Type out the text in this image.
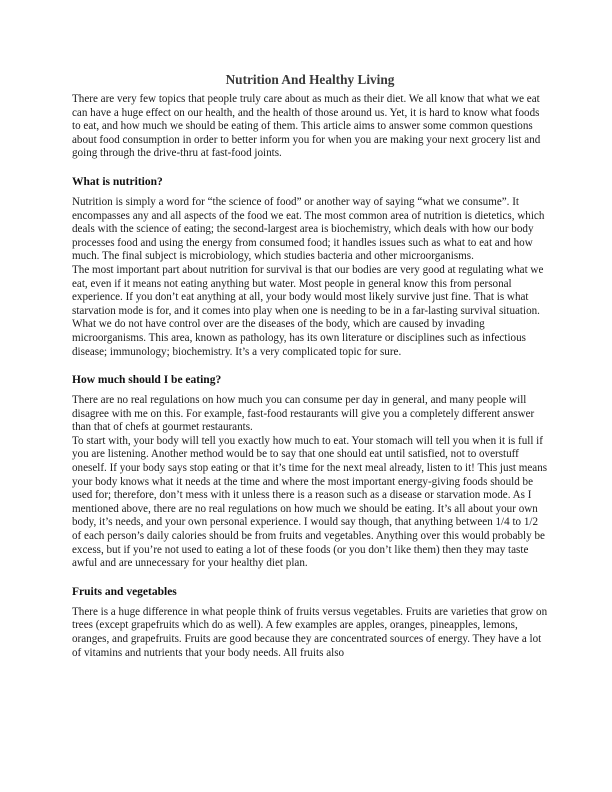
Nutrition And Healthy Living

There are very few topics that people truly care about as much as their diet. We all know that what we eat can have a huge effect on our health, and the health of those around us. Yet, it is hard to know what foods to eat, and how much we should be eating of them. This article aims to answer some common questions about food consumption in order to better inform you for when you are making your next grocery list and going through the drive-thru at fast-food joints.

What is nutrition?

Nutrition is simply a word for “the science of food” or another way of saying “what we consume”. It encompasses any and all aspects of the food we eat. The most common area of nutrition is dietetics, which deals with the science of eating; the second-largest area is biochemistry, which deals with how our body processes food and using the energy from consumed food; it handles issues such as what to eat and how much. The final subject is microbiology, which studies bacteria and other microorganisms.

The most important part about nutrition for survival is that our bodies are very good at regulating what we eat, even if it means not eating anything but water. Most people in general know this from personal experience. If you don’t eat anything at all, your body would most likely survive just fine. That is what starvation mode is for, and it comes into play when one is needing to be in a far-lasting survival situation.

What we do not have control over are the diseases of the body, which are caused by invading microorganisms. This area, known as pathology, has its own literature or disciplines such as infectious disease; immunology; biochemistry. It’s a very complicated topic for sure.

How much should I be eating?

There are no real regulations on how much you can consume per day in general, and many people will disagree with me on this. For example, fast-food restaurants will give you a completely different answer than that of chefs at gourmet restaurants.

To start with, your body will tell you exactly how much to eat. Your stomach will tell you when it is full if you are listening. Another method would be to say that one should eat until satisfied, not to overstuff oneself. If your body says stop eating or that it’s time for the next meal already, listen to it! This just means your body knows what it needs at the time and where the most important energy-giving foods should be used for; therefore, don’t mess with it unless there is a reason such as a disease or starvation mode. As I mentioned above, there are no real regulations on how much we should be eating. It’s all about your own body, it’s needs, and your own personal experience. I would say though, that anything between 1/4 to 1/2 of each person’s daily calories should be from fruits and vegetables. Anything over this would probably be excess, but if you’re not used to eating a lot of these foods (or you don’t like them) then they may taste awful and are unnecessary for your healthy diet plan.

Fruits and vegetables

There is a huge difference in what people think of fruits versus vegetables. Fruits are varieties that grow on trees (except grapefruits which do as well). A few examples are apples, oranges, pineapples, lemons, oranges, and grapefruits. Fruits are good because they are concentrated sources of energy. They have a lot of vitamins and nutrients that your body needs. All fruits also
